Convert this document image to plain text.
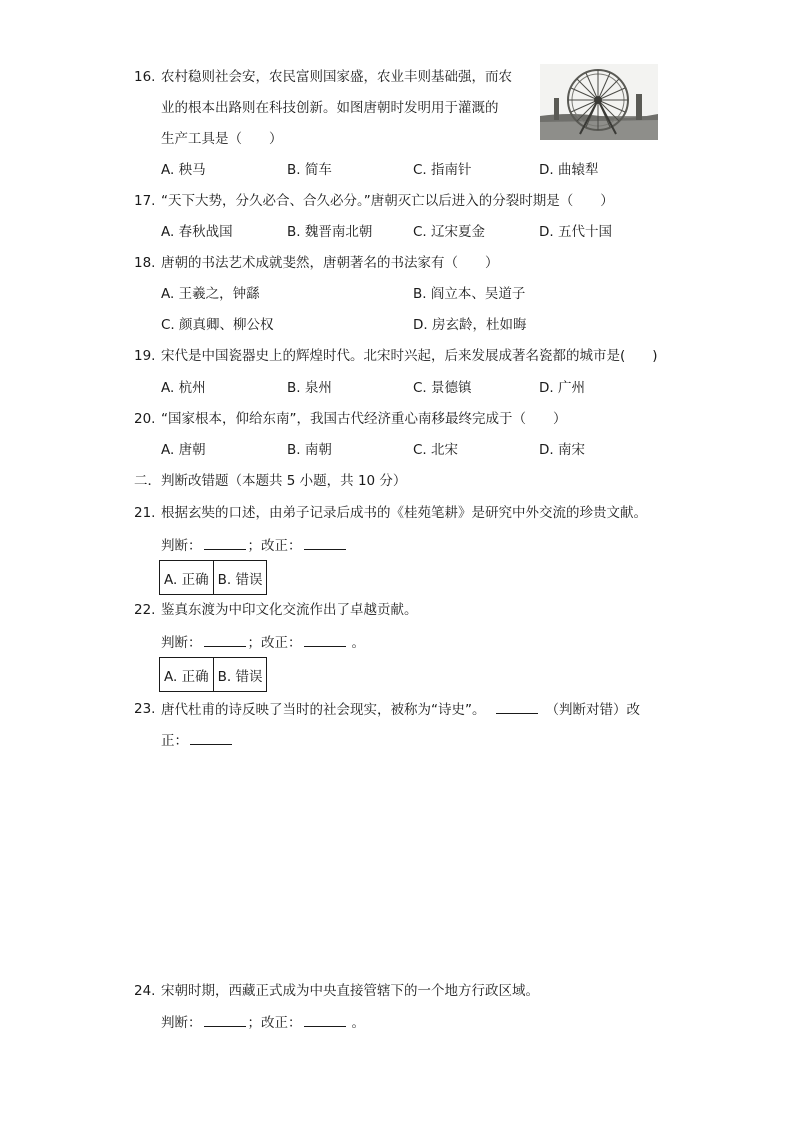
16. 农村稳则社会安，农民富则国家盛，农业丰则基础强，而农
业的根本出路则在科技创新。如图唐朝时发明用于灌溉的
生产工具是（　　）
A. 秧马	B. 简车	C. 指南针	D. 曲辕犁
17. “天下大势，分久必合、合久必分。”唐朝灭亡以后进入的分裂时期是（　　）
A. 春秋战国	B. 魏晋南北朝	C. 辽宋夏金	D. 五代十国
18. 唐朝的书法艺术成就斐然，唐朝著名的书法家有（　　）
A. 王羲之，钟繇	B. 阎立本、吴道子
C. 颜真卿、柳公权	D. 房玄龄，杜如晦
19. 宋代是中国瓷器史上的辉煌时代。北宋时兴起，后来发展成著名瓷都的城市是(　　)
A. 杭州	B. 泉州	C. 景德镇	D. 广州
20. “国家根本，仰给东南”，我国古代经济重心南移最终完成于（　　）
A. 唐朝	B. 南朝	C. 北宋	D. 南宋
二．判断改错题（本题共 5 小题，共 10 分）
21. 根据玄奘的口述，由弟子记录后成书的《桂苑笔耕》是研究中外交流的珍贵文献。
判断：	；改正：
A. 正确 B. 错误
22. 鉴真东渡为中印文化交流作出了卓越贡献。
判断：	；改正：	。
A. 正确 B. 错误
23. 唐代杜甫的诗反映了当时的社会现实，被称为“诗史”。	（判断对错）改
正：
24. 宋朝时期，西藏正式成为中央直接管辖下的一个地方行政区域。
判断：	；改正：	。
